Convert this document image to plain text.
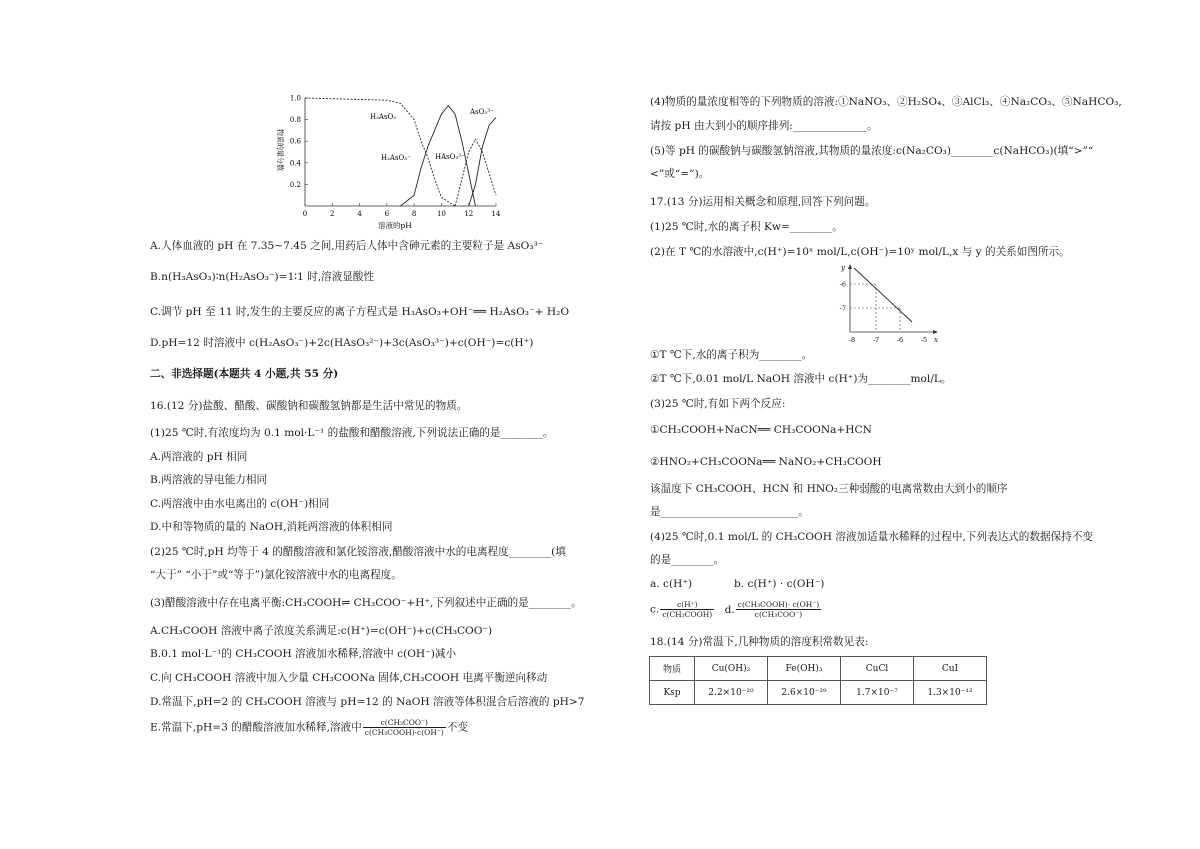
1.0
0.8
0.6
0.4
0.2
0	2	4	6	8	10	12	14
溶液的pH
物质的量分数
H₃AsO₃
H₂AsO₃⁻	HAsO₃²⁻
AsO₃³⁻
A.人体血液的 pH 在 7.35~7.45 之间,用药后人体中含砷元素的主要粒子是 AsO₃³⁻
B.n(H₃AsO₃)∶n(H₂AsO₃⁻)=1∶1 时,溶液显酸性
C.调节 pH 至 11 时,发生的主要反应的离子方程式是 H₃AsO₃+OH⁻══ H₂AsO₃⁻+ H₂O
D.pH=12 时溶液中 c(H₂AsO₃⁻)+2c(HAsO₃²⁻)+3c(AsO₃³⁻)+c(OH⁻)=c(H⁺)
二、非选择题(本题共 4 小题,共 55 分)
16.(12 分)盐酸、醋酸、碳酸钠和碳酸氢钠都是生活中常见的物质。
(1)25 ℃时,有浓度均为 0.1 mol·L⁻¹ 的盐酸和醋酸溶液,下列说法正确的是________。
A.两溶液的 pH 相同
B.两溶液的导电能力相同
C.两溶液中由水电离出的 c(OH⁻)相同
D.中和等物质的量的 NaOH,消耗两溶液的体积相同
(2)25 ℃时,pH 均等于 4 的醋酸溶液和氯化铵溶液,醋酸溶液中水的电离程度________(填
“大于” “小于”或“等于”)氯化铵溶液中水的电离程度。
(3)醋酸溶液中存在电离平衡:CH₃COOH⇌ CH₃COO⁻+H⁺,下列叙述中正确的是________。
A.CH₃COOH 溶液中离子浓度关系满足:c(H⁺)=c(OH⁻)+c(CH₃COO⁻)
B.0.1 mol·L⁻¹的 CH₃COOH 溶液加水稀释,溶液中 c(OH⁻)减小
C.向 CH₃COOH 溶液中加入少量 CH₃COONa 固体,CH₃COOH 电离平衡逆向移动
D.常温下,pH=2 的 CH₃COOH 溶液与 pH=12 的 NaOH 溶液等体积混合后溶液的 pH>7
E.常温下,pH=3 的醋酸溶液加水稀释,溶液中 $\frac{\text{c(CH₃COO⁻)}}{\text{c(CH₃COOH)·c(OH⁻)}}$ 不变
(4)物质的量浓度相等的下列物质的溶液:①NaNO₃、②H₂SO₄、③AlCl₃、④Na₂CO₃、⑤NaHCO₃,
请按 pH 由大到小的顺序排列:______________。
(5)等 pH 的碳酸钠与碳酸氢钠溶液,其物质的量浓度:c(Na₂CO₃)________c(NaHCO₃)(填“>”“
<”或“=”)。
17.(13 分)运用相关概念和原理,回答下列问题。
(1)25 ℃时,水的离子积 Kw=________。
(2)在 T ℃的水溶液中,c(H⁺)=10ˣ mol/L,c(OH⁻)=10ʸ mol/L,x 与 y 的关系如图所示。
y
x
-8	-7	-6	-5
-6
-7
①T ℃下,水的离子积为________。
②T ℃下,0.01 mol/L NaOH 溶液中 c(H⁺)为________mol/L。
(3)25 ℃时,有如下两个反应:
①CH₃COOH+NaCN══ CH₃COONa+HCN
②HNO₂+CH₃COONa══ NaNO₂+CH₃COOH
该温度下 CH₃COOH、HCN 和 HNO₂三种弱酸的电离常数由大到小的顺序
是__________________________。
(4)25 ℃时,0.1 mol/L 的 CH₃COOH 溶液加适量水稀释的过程中,下列表达式的数据保持不变
的是________。
a. c(H⁺)	b. c(H⁺) · c(OH⁻)
c. $\frac{c(H^+)}{\text{c(CH₃COOH)}} d$. $\frac{\text{c(CH₃COOH)· c(OH⁻)}}{\text{c(CH₃COO⁻)}}$
18.(14 分)常温下,几种物质的溶度积常数见表:
物质	Cu(OH)₂	Fe(OH)₃	CuCl	CuI
Ksp	2.2×10⁻²⁰	2.6×10⁻³⁹	1.7×10⁻⁷	1.3×10⁻¹²
